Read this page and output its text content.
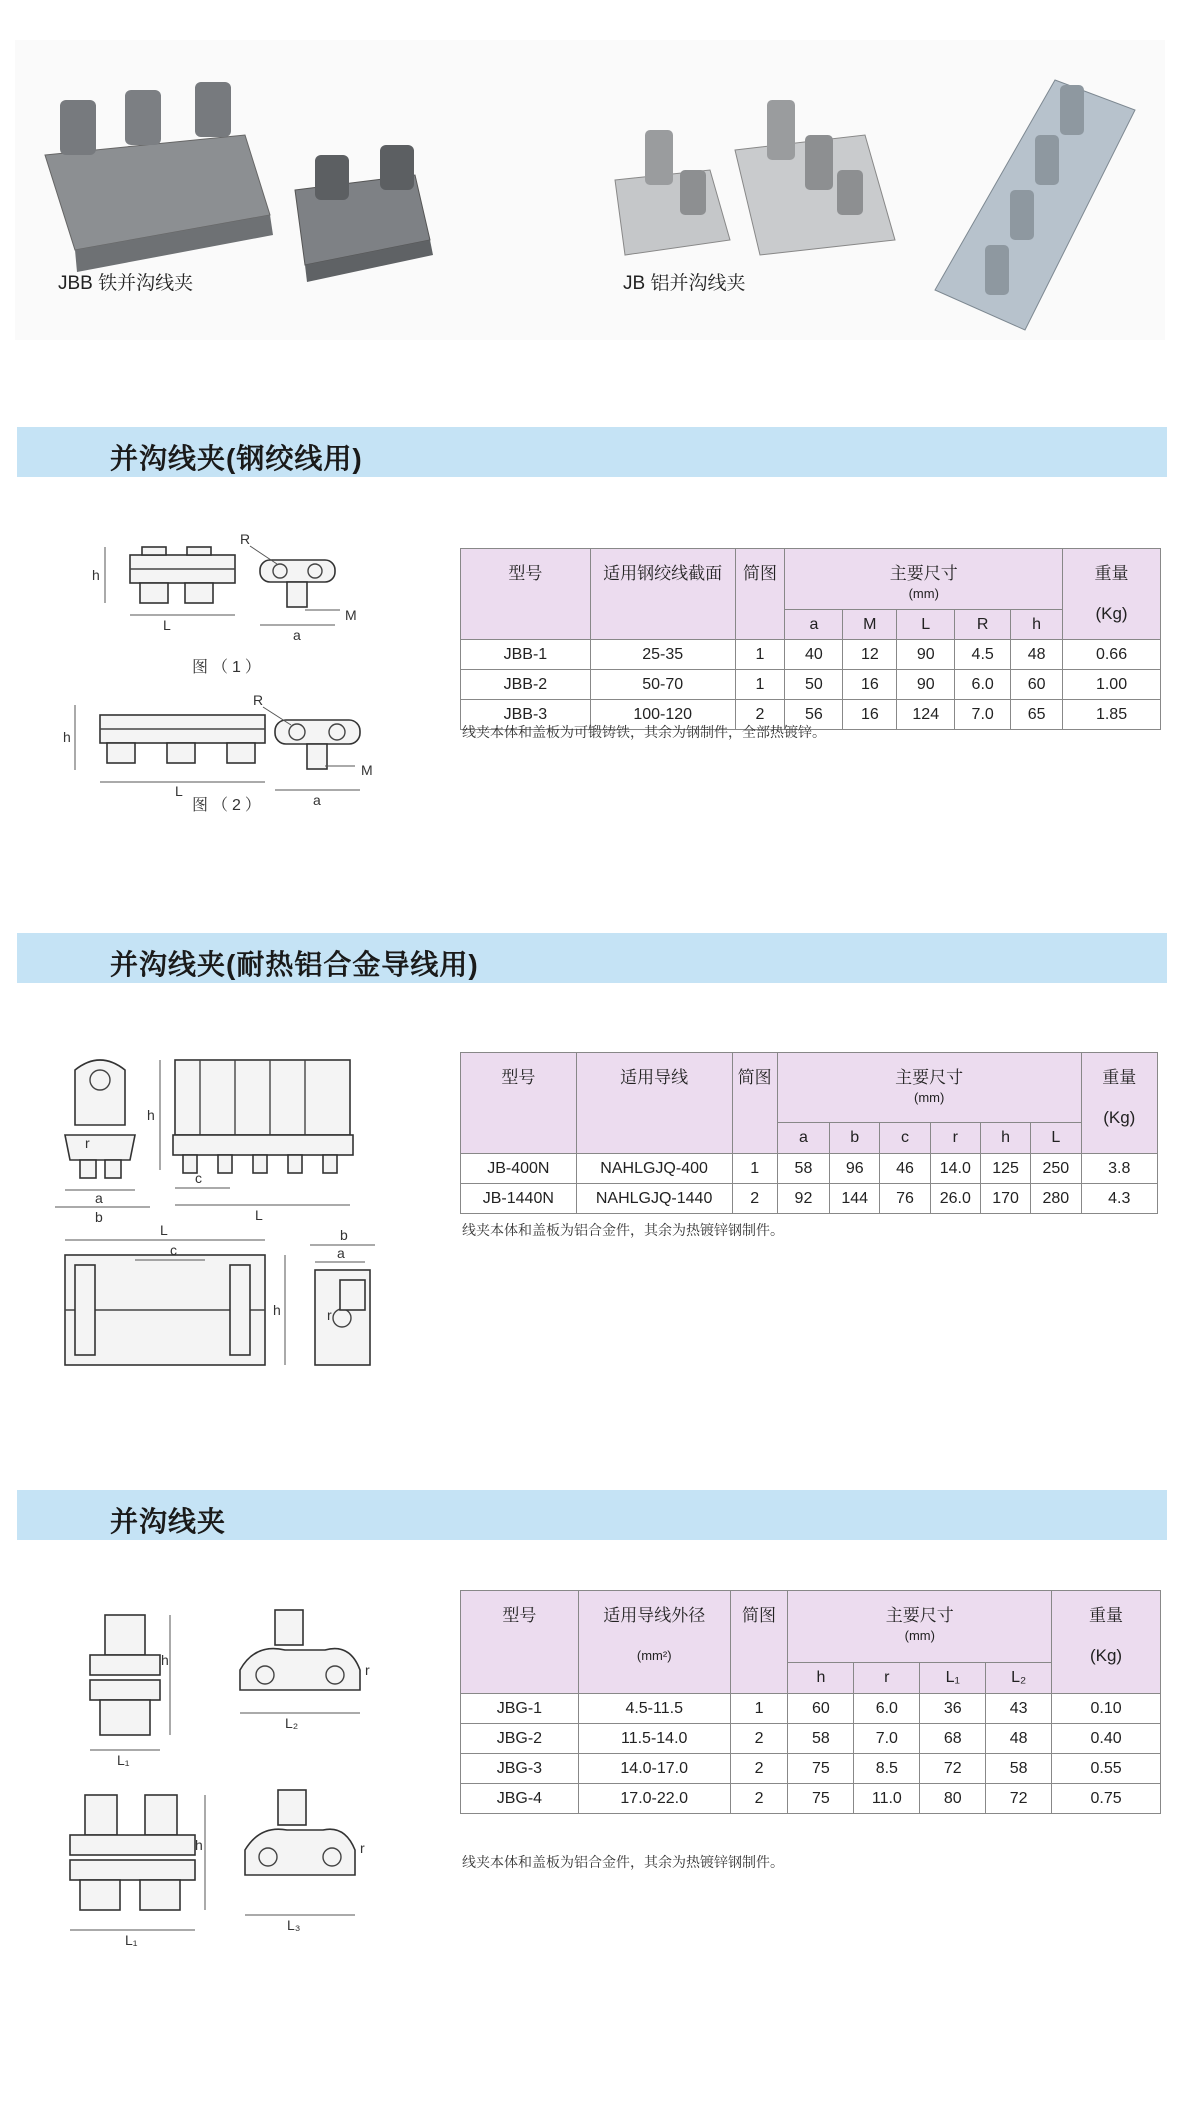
JBB 铁并沟线夹	JB 铝并沟线夹
并沟线夹(钢绞线用)
h
L
a
R
M
h
L
a
R
M
图（1）
图（2）
型号	适用钢绞线截面	简图	主要尺寸
(mm)					重量

(Kg)
			a	M	L	R	h	
JBB-1	25-35	1	40	12	90	4.5	48	0.66
JBB-2	50-70	1	50	16	90	6.0	60	1.00
JBB-3	100-120	2	56	16	124	7.0	65	1.85
线夹本体和盖板为可锻铸铁，其余为钢制件，全部热镀锌。
并沟线夹(耐热铝合金导线用)
a
b
r
h
c
L
L
c
h
b
a
r
型号	适用导线	简图	主要尺寸
(mm)						重量

(Kg)
			a	b	c	r	h	L	
JB-400N	NAHLGJQ-400	1	58	96	46	14.0	125	250	3.8
JB-1440N	NAHLGJQ-1440	2	92	144	76	26.0	170	280	4.3
线夹本体和盖板为铝合金件，其余为热镀锌钢制件。
并沟线夹
h
L₁
L₂
r
h
L₁
L₃
r
型号	适用导线外径

(mm²)	简图	主要尺寸
(mm)				重量

(Kg)
			h	r	L₁	L₂	
JBG-1	4.5-11.5	1	60	6.0	36	43	0.10
JBG-2	11.5-14.0	2	58	7.0	68	48	0.40
JBG-3	14.0-17.0	2	75	8.5	72	58	0.55
JBG-4	17.0-22.0	2	75	11.0	80	72	0.75
线夹本体和盖板为铝合金件，其余为热镀锌钢制件。
